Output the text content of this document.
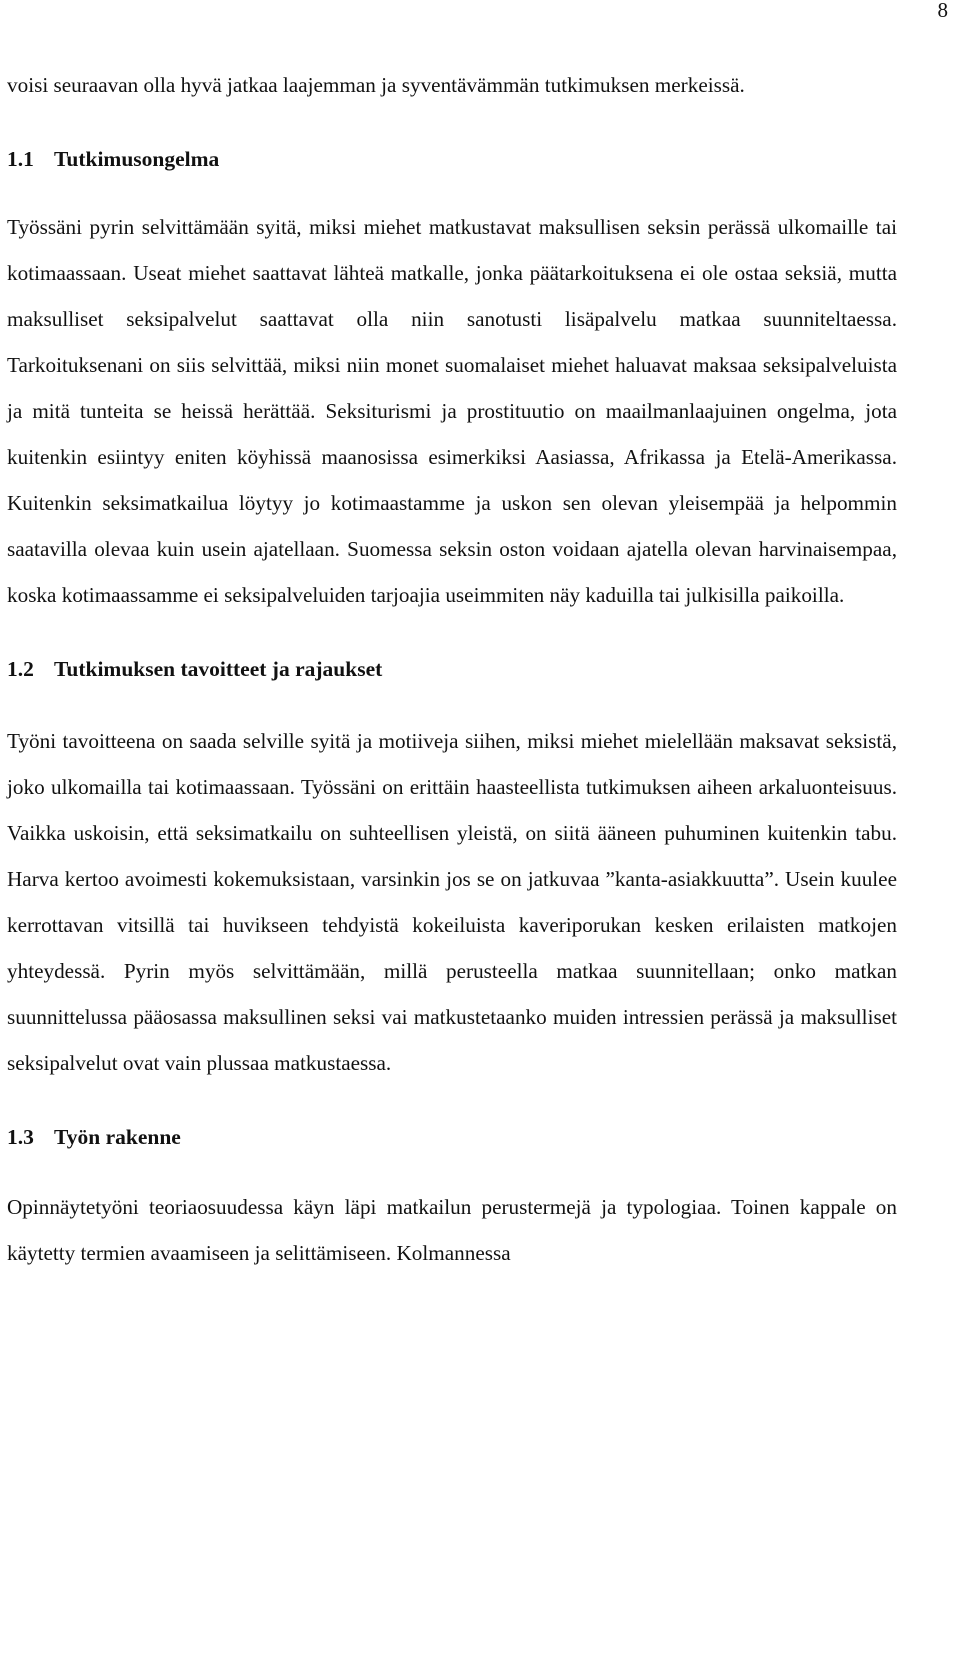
8

voisi seuraavan olla hyvä jatkaa laajemman ja syventävämmän tutkimuksen merkeissä.

1.1 Tutkimusongelma

Työssäni pyrin selvittämään syitä, miksi miehet matkustavat maksullisen seksin perässä ulkomaille tai kotimaassaan. Useat miehet saattavat lähteä matkalle, jonka päätarkoituksena ei ole ostaa seksiä, mutta maksulliset seksipalvelut saattavat olla niin sanotusti lisäpalvelu matkaa suunniteltaessa. Tarkoituksenani on siis selvittää, miksi niin monet suomalaiset miehet haluavat maksaa seksipalveluista ja mitä tunteita se heissä herättää. Seksiturismi ja prostituutio on maailmanlaajuinen ongelma, jota kuitenkin esiintyy eniten köyhissä maanosissa esimerkiksi Aasiassa, Afrikassa ja Etelä-Amerikassa. Kuitenkin seksimatkailua löytyy jo kotimaastamme ja uskon sen olevan yleisempää ja helpommin saatavilla olevaa kuin usein ajatellaan. Suomessa seksin oston voidaan ajatella olevan harvinaisempaa, koska kotimaassamme ei seksipalveluiden tarjoajia useimmiten näy kaduilla tai julkisilla paikoilla.

1.2 Tutkimuksen tavoitteet ja rajaukset

Työni tavoitteena on saada selville syitä ja motiiveja siihen, miksi miehet mielellään maksavat seksistä, joko ulkomailla tai kotimaassaan. Työssäni on erittäin haasteellista tutkimuksen aiheen arkaluonteisuus. Vaikka uskoisin, että seksimatkailu on suhteellisen yleistä, on siitä ääneen puhuminen kuitenkin tabu. Harva kertoo avoimesti kokemuksistaan, varsinkin jos se on jatkuvaa ”kanta-asiakkuutta”. Usein kuulee kerrottavan vitsillä tai huvikseen tehdyistä kokeiluista kaveriporukan kesken erilaisten matkojen yhteydessä. Pyrin myös selvittämään, millä perusteella matkaa suunnitellaan; onko matkan suunnittelussa pääosassa maksullinen seksi vai matkustetaanko muiden intressien perässä ja maksulliset seksipalvelut ovat vain plussaa matkustaessa.

1.3 Työn rakenne

Opinnäytetyöni teoriaosuudessa käyn läpi matkailun perustermejä ja typologiaa. Toinen kappale on käytetty termien avaamiseen ja selittämiseen. Kolmannessa
